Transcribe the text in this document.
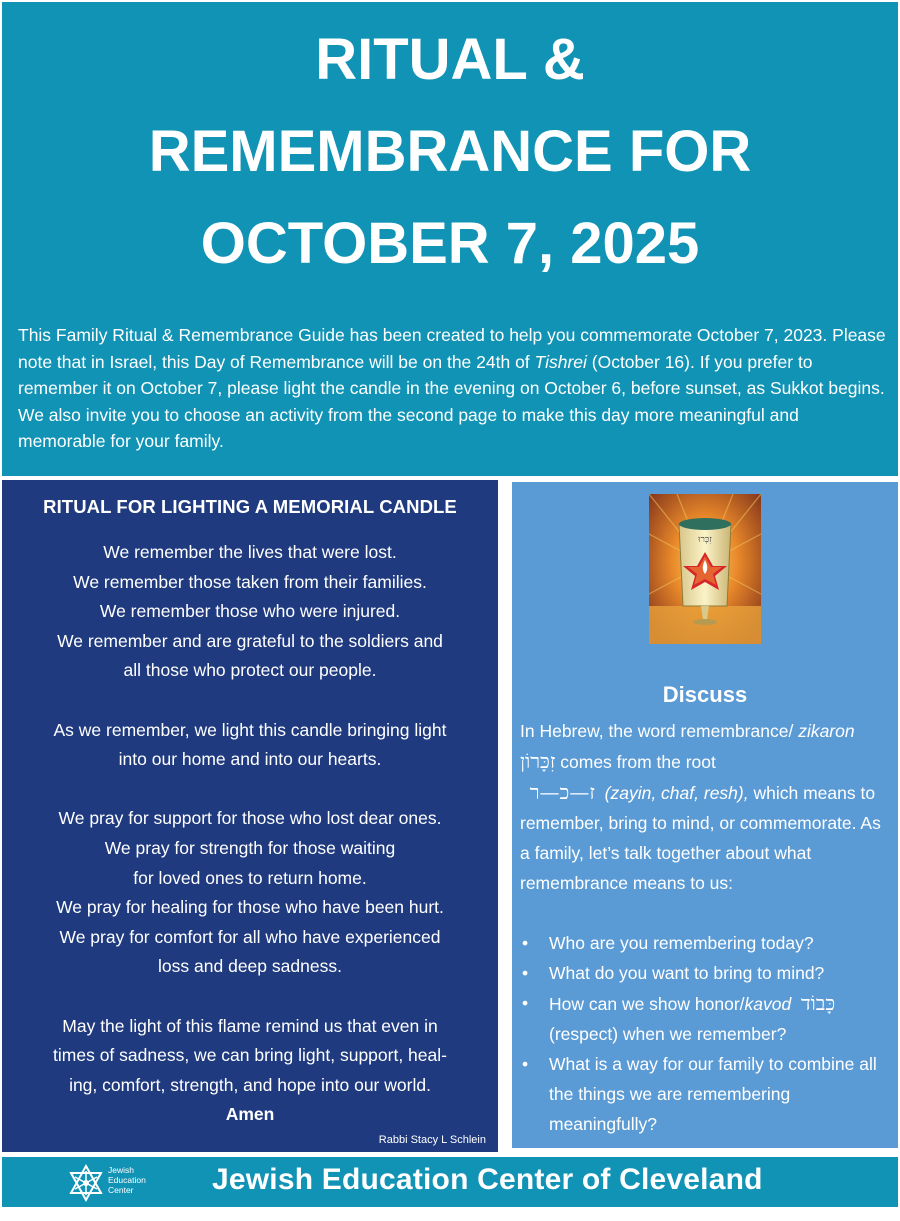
RITUAL &
REMEMBRANCE FOR
OCTOBER 7, 2025
This Family Ritual & Remembrance Guide has been created to help you commemorate October 7, 2023. Please note that in Israel, this Day of Remembrance will be on the 24th of Tishrei (October 16). If you prefer to remember it on October 7, please light the candle in the evening on October 6, before sunset, as Sukkot begins. We also invite you to choose an activity from the second page to make this day more meaningful and memorable for your family.
RITUAL FOR LIGHTING A MEMORIAL CANDLE
We remember the lives that were lost.
We remember those taken from their families.
We remember those who were injured.
We remember and are grateful to the soldiers and
all those who protect our people.
As we remember, we light this candle bringing light
into our home and into our hearts.
We pray for support for those who lost dear ones.
We pray for strength for those waiting
for loved ones to return home.
We pray for healing for those who have been hurt.
We pray for comfort for all who have experienced
loss and deep sadness.
May the light of this flame remind us that even in
times of sadness, we can bring light, support, heal-
ing, comfort, strength, and hope into our world.
Amen
Rabbi Stacy L Schlein
זִכְּרוּ
Discuss
In Hebrew, the word remembrance/ zikaron זִכָּרוֹן comes from the root
ז—כ—ר (zayin, chaf, resh), which means to remember, bring to mind, or commemorate. As a family, let’s talk together about what remembrance means to us:
• Who are you remembering today?
• What do you want to bring to mind?
• How can we show honor/kavod כָּבוֹד (respect) when we remember?
• What is a way for our family to combine all the things we are remembering meaningfully?
Jewish
Education
Center	Jewish Education Center of Cleveland
